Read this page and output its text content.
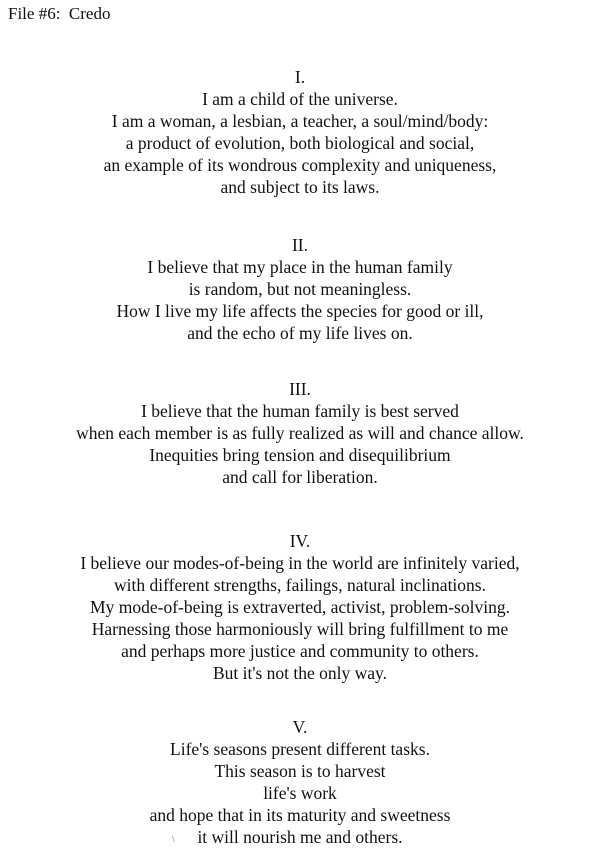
File #6:  Credo
I.
I am a child of the universe.
I am a woman, a lesbian, a teacher, a soul/mind/body:
a product of evolution, both biological and social,
an example of its wondrous complexity and uniqueness,
and subject to its laws.
II.
I believe that my place in the human family
is random, but not meaningless.
How I live my life affects the species for good or ill,
and the echo of my life lives on.
III.
I believe that the human family is best served
when each member is as fully realized as will and chance allow.
Inequities bring tension and disequilibrium
and call for liberation.
IV.
I believe our modes-of-being in the world are infinitely varied,
with different strengths, failings, natural inclinations.
My mode-of-being is extraverted, activist, problem-solving.
Harnessing those harmoniously will bring fulfillment to me
and perhaps more justice and community to others.
But it's not the only way.
V.
Life's seasons present different tasks.
This season is to harvest
life's work
and hope that in its maturity and sweetness
it will nourish me and others.
\
